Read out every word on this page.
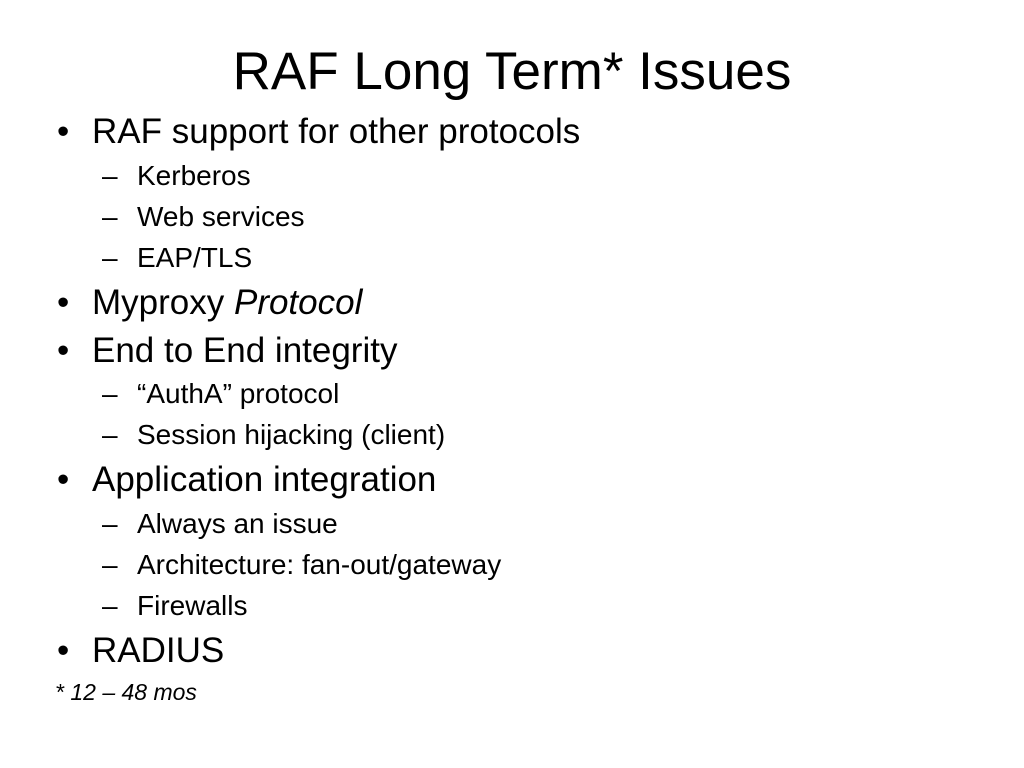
RAF Long Term* Issues
• RAF support for other protocols
– Kerberos
– Web services
– EAP/TLS
• Myproxy Protocol
• End to End integrity
– “AuthA” protocol
– Session hijacking (client)
• Application integration
– Always an issue
– Architecture: fan-out/gateway
– Firewalls
• RADIUS
* 12 – 48 mos
